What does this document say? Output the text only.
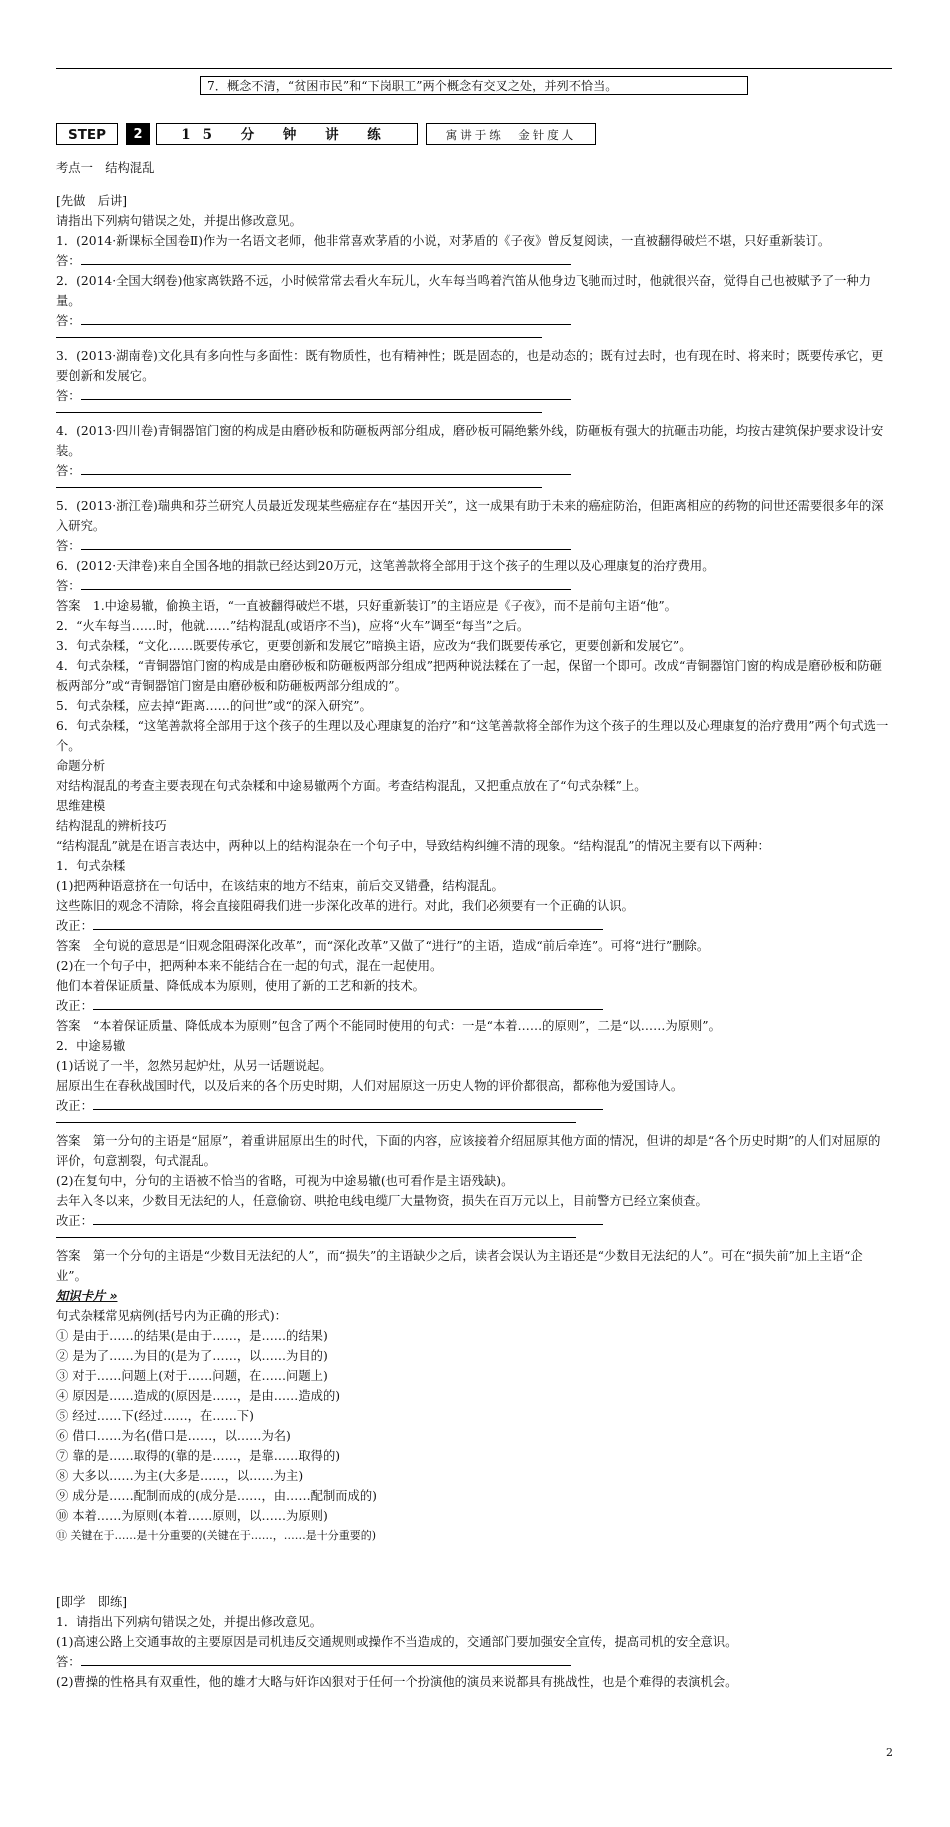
7．概念不清，“贫困市民”和“下岗职工”两个概念有交叉之处，并列不恰当。
STEP	2	15 分 钟 讲 练	寓讲于练　金针度人

考点一　结构混乱

[先做　后讲]

请指出下列病句错误之处，并提出修改意见。

1．(2014·新课标全国卷Ⅱ)作为一名语文老师，他非常喜欢茅盾的小说，对茅盾的《子夜》曾反复阅读，一直被翻得破烂不堪，只好重新装订。

答：

2．(2014·全国大纲卷)他家离铁路不远，小时候常常去看火车玩儿，火车每当鸣着汽笛从他身边飞驰而过时，他就很兴奋，觉得自己也被赋予了一种力量。

答：

3．(2013·湖南卷)文化具有多向性与多面性：既有物质性，也有精神性；既是固态的，也是动态的；既有过去时，也有现在时、将来时；既要传承它，更要创新和发展它。

答：

4．(2013·四川卷)青铜器馆门窗的构成是由磨砂板和防砸板两部分组成，磨砂板可隔绝紫外线，防砸板有强大的抗砸击功能，均按古建筑保护要求设计安装。

答：

5．(2013·浙江卷)瑞典和芬兰研究人员最近发现某些癌症存在“基因开关”，这一成果有助于未来的癌症防治，但距离相应的药物的问世还需要很多年的深入研究。

答：

6．(2012·天津卷)来自全国各地的捐款已经达到20万元，这笔善款将全部用于这个孩子的生理以及心理康复的治疗费用。

答：

答案　1.中途易辙，偷换主语，“一直被翻得破烂不堪，只好重新装订”的主语应是《子夜》，而不是前句主语“他”。

2．“火车每当……时，他就……”结构混乱(或语序不当)，应将“火车”调至“每当”之后。

3．句式杂糅，“文化……既要传承它，更要创新和发展它”暗换主语，应改为“我们既要传承它，更要创新和发展它”。

4．句式杂糅，“青铜器馆门窗的构成是由磨砂板和防砸板两部分组成”把两种说法糅在了一起，保留一个即可。改成“青铜器馆门窗的构成是磨砂板和防砸板两部分”或“青铜器馆门窗是由磨砂板和防砸板两部分组成的”。

5．句式杂糅，应去掉“距离……的问世”或“的深入研究”。

6．句式杂糅，“这笔善款将全部用于这个孩子的生理以及心理康复的治疗”和“这笔善款将全部作为这个孩子的生理以及心理康复的治疗费用”两个句式选一个。

命题分析

对结构混乱的考查主要表现在句式杂糅和中途易辙两个方面。考查结构混乱，又把重点放在了“句式杂糅”上。

思维建模

结构混乱的辨析技巧

“结构混乱”就是在语言表达中，两种以上的结构混杂在一个句子中，导致结构纠缠不清的现象。“结构混乱”的情况主要有以下两种：

1．句式杂糅

(1)把两种语意挤在一句话中，在该结束的地方不结束，前后交叉错叠，结构混乱。

这些陈旧的观念不清除，将会直接阻碍我们进一步深化改革的进行。对此，我们必须要有一个正确的认识。

改正：

答案　全句说的意思是“旧观念阻碍深化改革”，而“深化改革”又做了“进行”的主语，造成“前后牵连”。可将“进行”删除。

(2)在一个句子中，把两种本来不能结合在一起的句式，混在一起使用。

他们本着保证质量、降低成本为原则，使用了新的工艺和新的技术。

改正：

答案　“本着保证质量、降低成本为原则”包含了两个不能同时使用的句式：一是“本着……的原则”，二是“以……为原则”。

2．中途易辙

(1)话说了一半，忽然另起炉灶，从另一话题说起。

屈原出生在春秋战国时代，以及后来的各个历史时期，人们对屈原这一历史人物的评价都很高，都称他为爱国诗人。

改正：

答案　第一分句的主语是“屈原”，着重讲屈原出生的时代，下面的内容，应该接着介绍屈原其他方面的情况，但讲的却是“各个历史时期”的人们对屈原的评价，句意割裂，句式混乱。

(2)在复句中，分句的主语被不恰当的省略，可视为中途易辙(也可看作是主语残缺)。

去年入冬以来，少数目无法纪的人，任意偷窃、哄抢电线电缆厂大量物资，损失在百万元以上，目前警方已经立案侦查。

改正：

答案　第一个分句的主语是“少数目无法纪的人”，而“损失”的主语缺少之后，读者会误认为主语还是“少数目无法纪的人”。可在“损失前”加上主语“企业”。

知识卡片 »

句式杂糅常见病例(括号内为正确的形式)：

① 是由于……的结果(是由于……，是……的结果)

② 是为了……为目的(是为了……，以……为目的)

③ 对于……问题上(对于……问题，在……问题上)

④ 原因是……造成的(原因是……，是由……造成的)

⑤ 经过……下(经过……，在……下)

⑥ 借口……为名(借口是……，以……为名)

⑦ 靠的是……取得的(靠的是……，是靠……取得的)

⑧ 大多以……为主(大多是……，以……为主)

⑨ 成分是……配制而成的(成分是……，由……配制而成的)

⑩ 本着……为原则(本着……原则，以……为原则)

⑪ 关键在于……是十分重要的(关键在于……，……是十分重要的)

[即学　即练]

1．请指出下列病句错误之处，并提出修改意见。

(1)高速公路上交通事故的主要原因是司机违反交通规则或操作不当造成的，交通部门要加强安全宣传，提高司机的安全意识。

答：

(2)曹操的性格具有双重性，他的雄才大略与奸诈凶狠对于任何一个扮演他的演员来说都具有挑战性，也是个难得的表演机会。

2
